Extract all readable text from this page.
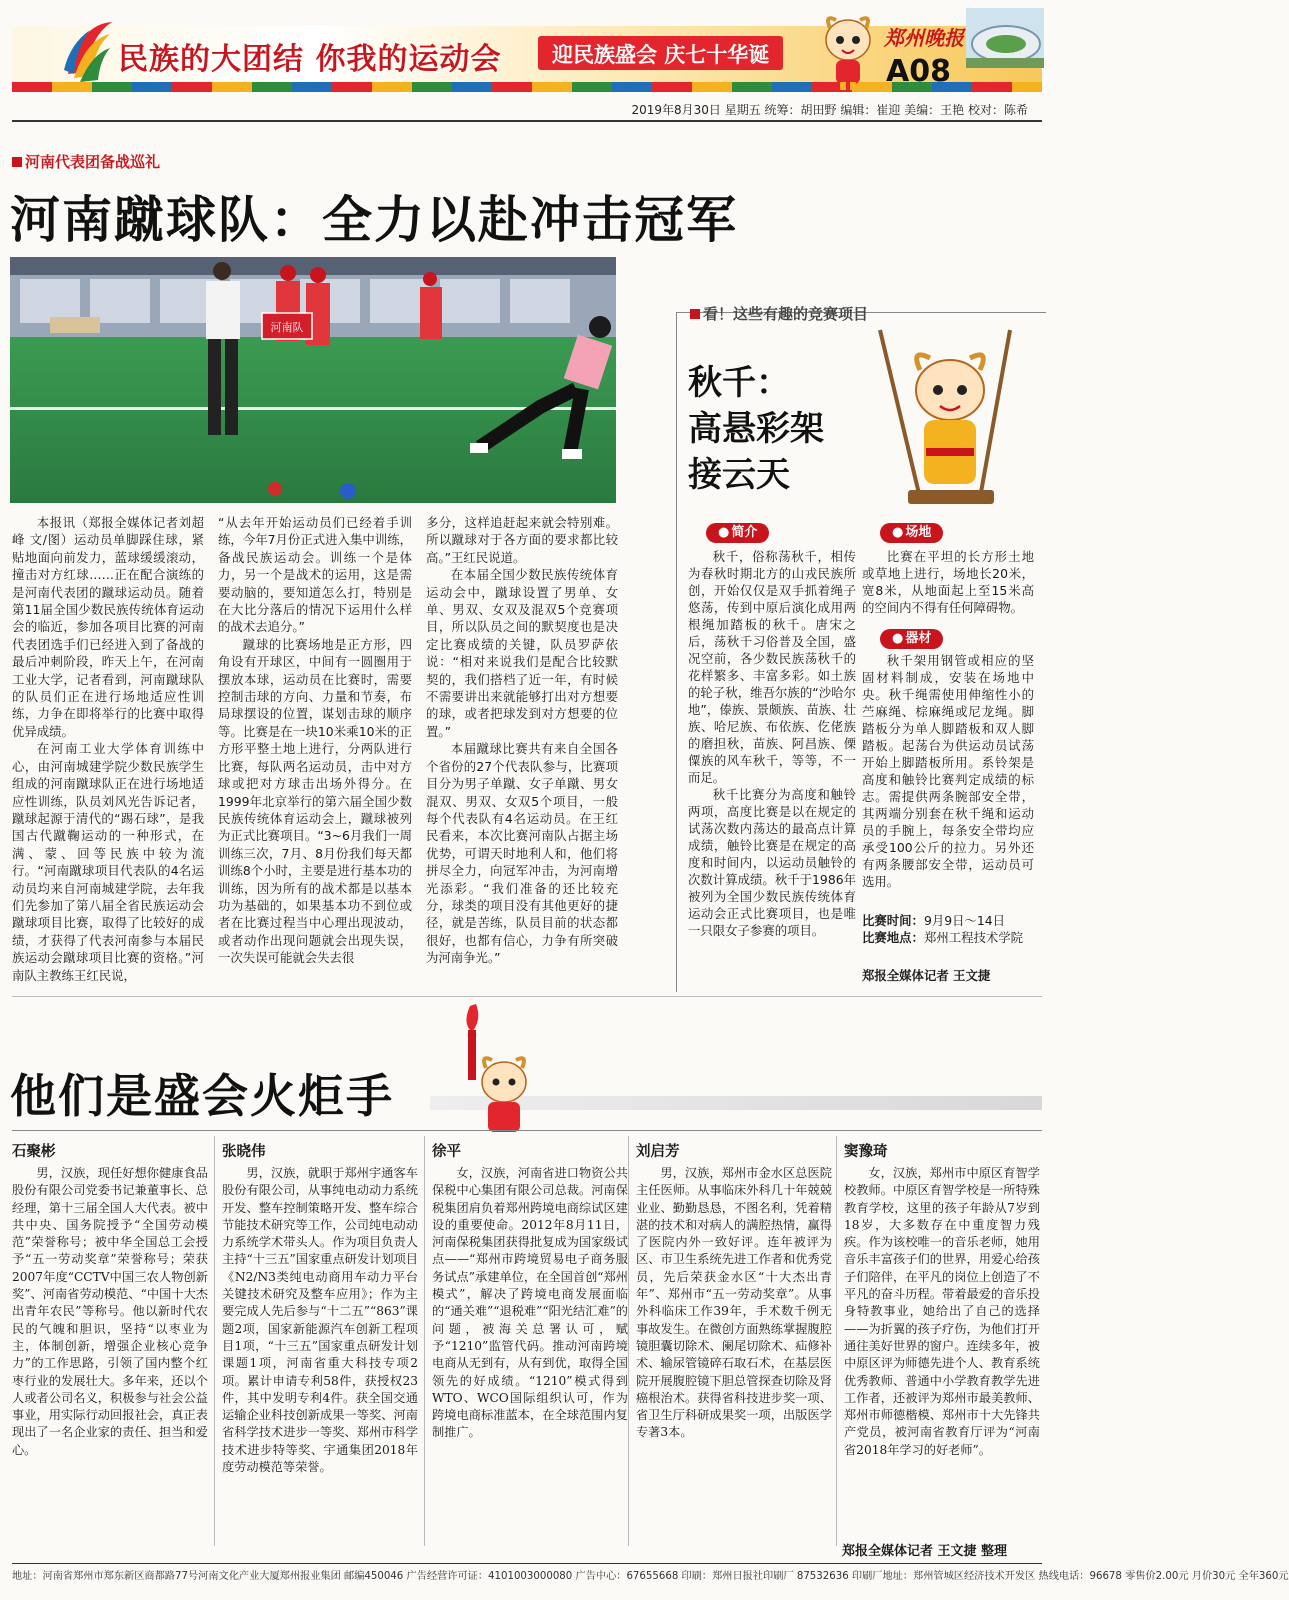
民族的大团结 你我的运动会	迎民族盛会 庆七十华诞
郑州晚报
A08
2019年8月30日 星期五 统筹：胡田野 编辑：崔迎 美编：王艳 校对：陈希
河南代表团备战巡礼
河南蹴球队：全力以赴冲击冠军
河南队

本报讯（郑报全媒体记者刘超峰 文/图）运动员单脚踩住球，紧贴地面向前发力，蓝球缓缓滚动，撞击对方红球……正在配合演练的是河南代表团的蹴球运动员。随着第11届全国少数民族传统体育运动会的临近，参加各项目比赛的河南代表团选手们已经进入到了备战的最后冲刺阶段，昨天上午，在河南工业大学，记者看到，河南蹴球队的队员们正在进行场地适应性训练，力争在即将举行的比赛中取得优异成绩。

在河南工业大学体育训练中心，由河南城建学院少数民族学生组成的河南蹴球队正在进行场地适应性训练，队员刘风光告诉记者，蹴球起源于清代的“踢石球”，是我国古代蹴鞠运动的一种形式，在满、蒙、回等民族中较为流行。“河南蹴球项目代表队的4名运动员均来自河南城建学院，去年我们先参加了第八届全省民族运动会蹴球项目比赛，取得了比较好的成绩，才获得了代表河南参与本届民族运动会蹴球项目比赛的资格。”河南队主教练王红民说，

“从去年开始运动员们已经着手训练，今年7月份正式进入集中训练，备战民族运动会。训练一个是体力，另一个是战术的运用，这是需要动脑的，要知道怎么打，特别是在大比分落后的情况下运用什么样的战术去追分。”

蹴球的比赛场地是正方形，四角设有开球区，中间有一圆圈用于摆放本球，运动员在比赛时，需要控制击球的方向、力量和节奏，布局球摆设的位置，谋划击球的顺序等。比赛是在一块10米乘10米的正方形平整土地上进行，分两队进行比赛，每队两名运动员，击中对方球或把对方球击出场外得分。在1999年北京举行的第六届全国少数民族传统体育运动会上，蹴球被列为正式比赛项目。“3~6月我们一周训练三次，7月、8月份我们每天都训练8个小时，主要是进行基本功的训练，因为所有的战术都是以基本功为基础的，如果基本功不到位或者在比赛过程当中心理出现波动，或者动作出现问题就会出现失误，一次失误可能就会失去很

多分，这样追赶起来就会特别难。所以蹴球对于各方面的要求都比较高。”王红民说道。

在本届全国少数民族传统体育运动会中，蹴球设置了男单、女单、男双、女双及混双5个竞赛项目，所以队员之间的默契度也是决定比赛成绩的关键，队员罗萨依说：“相对来说我们是配合比较默契的，我们搭档了近一年，有时候不需要讲出来就能够打出对方想要的球，或者把球发到对方想要的位置。”

本届蹴球比赛共有来自全国各个省份的27个代表队参与，比赛项目分为男子单蹴、女子单蹴、男女混双、男双、女双5个项目，一般每个代表队有4名运动员。在王红民看来，本次比赛河南队占据主场优势，可谓天时地利人和，他们将拼尽全力，向冠军冲击，为河南增光添彩。“我们准备的还比较充分，球类的项目没有其他更好的捷径，就是苦练，队员目前的状态都很好，也都有信心，力争有所突破为河南争光。”

看！这些有趣的竞赛项目
秋千：
高悬彩架
接云天
● 简介
●	场地
● 器材

秋千，俗称荡秋千，相传为春秋时期北方的山戎民族所创，开始仅仅是双手抓着绳子悠荡，传到中原后演化成用两根绳加踏板的秋千。唐宋之后，荡秋千习俗普及全国，盛况空前，各少数民族荡秋千的花样繁多、丰富多彩。如土族的轮子秋，维吾尔族的“沙哈尔地”，傣族、景颇族、苗族、壮族、哈尼族、布依族、仡佬族的磨担秋，苗族、阿昌族、傈僳族的风车秋千，等等，不一而足。

秋千比赛分为高度和触铃两项，高度比赛是以在规定的试荡次数内荡达的最高点计算成绩，触铃比赛是在规定的高度和时间内，以运动员触铃的次数计算成绩。秋千于1986年被列为全国少数民族传统体育运动会正式比赛项目，也是唯一只限女子参赛的项目。

比赛在平坦的长方形土地或草地上进行，场地长20米，宽8米，从地面起上至15米高的空间内不得有任何障碍物。

秋千架用钢管或相应的坚固材料制成，安装在场地中央。秋千绳需使用伸缩性小的苎麻绳、棕麻绳或尼龙绳。脚踏板分为单人脚踏板和双人脚踏板。起荡台为供运动员试荡开始上脚踏板所用。系铃架是高度和触铃比赛判定成绩的标志。需提供两条腕部安全带，其两端分别套在秋千绳和运动员的手腕上，每条安全带均应承受100公斤的拉力。另外还有两条腰部安全带，运动员可选用。

比赛时间：9月9日～14日
比赛地点：郑州工程技术学院
郑报全媒体记者 王文捷
他们是盛会火炬手
石聚彬
男，汉族，现任好想你健康食品股份有限公司党委书记兼董事长、总经理，第十三届全国人大代表。被中共中央、国务院授予“全国劳动模范”荣誉称号；被中华全国总工会授予“五一劳动奖章”荣誉称号；荣获2007年度“CCTV中国三农人物创新奖”、河南省劳动模范、“中国十大杰出青年农民”等称号。他以新时代农民的气魄和胆识，坚持“以枣业为主，体制创新，增强企业核心竞争力”的工作思路，引领了国内整个红枣行业的发展壮大。多年来，还以个人或者公司名义，积极参与社会公益事业，用实际行动回报社会，真正表现出了一名企业家的责任、担当和爱心。
张晓伟
男，汉族，就职于郑州宇通客车股份有限公司，从事纯电动动力系统开发、整车控制策略开发、整车综合节能技术研究等工作，公司纯电动动力系统学术带头人。作为项目负责人主持“十三五”国家重点研发计划项目《N2/N3类纯电动商用车动力平台关键技术研究及整车应用》；作为主要完成人先后参与“十二五”“863”课题2项，国家新能源汽车创新工程项目1项，“十三五”国家重点研发计划课题1项，河南省重大科技专项2项。累计申请专利58件，获授权23件，其中发明专利4件。获全国交通运输企业科技创新成果一等奖、河南省科学技术进步一等奖、郑州市科学技术进步特等奖、宇通集团2018年度劳动模范等荣誉。
徐平
女，汉族，河南省进口物资公共保税中心集团有限公司总裁。河南保税集团肩负着郑州跨境电商综试区建设的重要使命。2012年8月11日，河南保税集团获得批复成为国家级试点——“郑州市跨境贸易电子商务服务试点”承建单位，在全国首创“郑州模式”，解决了跨境电商发展面临的“通关难”“退税难”“阳光结汇难”的问题，被海关总署认可，赋予“1210”监管代码。推动河南跨境电商从无到有，从有到优，取得全国领先的好成绩。“1210”模式得到WTO、WCO国际组织认可，作为跨境电商标准蓝本，在全球范围内复制推广。
刘启芳
男，汉族，郑州市金水区总医院主任医师。从事临床外科几十年兢兢业业、勤勤恳恳，不图名利，凭着精湛的技术和对病人的满腔热情，赢得了医院内外一致好评。连年被评为区、市卫生系统先进工作者和优秀党员，先后荣获金水区“十大杰出青年”、郑州市“五一劳动奖章”。从事外科临床工作39年，手术数千例无事故发生。在微创方面熟练掌握腹腔镜胆囊切除术、阑尾切除术、疝修补术、输尿管镜碎石取石术，在基层医院开展腹腔镜下胆总管探查切除及肾癌根治术。获得省科技进步奖一项、省卫生厅科研成果奖一项，出版医学专著3本。
窦豫琦
女，汉族，郑州市中原区育智学校教师。中原区育智学校是一所特殊教育学校，这里的孩子年龄从7岁到18岁，大多数存在中重度智力残疾。作为该校唯一的音乐老师，她用音乐丰富孩子们的世界，用爱心给孩子们陪伴，在平凡的岗位上创造了不平凡的奋斗历程。带着最爱的音乐投身特教事业，她给出了自己的选择——为折翼的孩子疗伤，为他们打开通往美好世界的窗户。连续多年，被中原区评为师德先进个人、教育系统优秀教师、普通中小学教育教学先进工作者，还被评为郑州市最美教师、郑州市师德楷模、郑州市十大先锋共产党员，被河南省教育厅评为“河南省2018年学习的好老师”。
郑报全媒体记者 王文捷 整理
地址：河南省郑州市郑东新区商都路77号河南文化产业大厦郑州报业集团 邮编450046 广告经营许可证：4101003000080 广告中心：67655668 印刷：郑州日报社印刷厂 87532636 印刷厂地址：郑州管城区经济技术开发区 热线电话：96678 零售价2.00元 月价30元 全年360元
